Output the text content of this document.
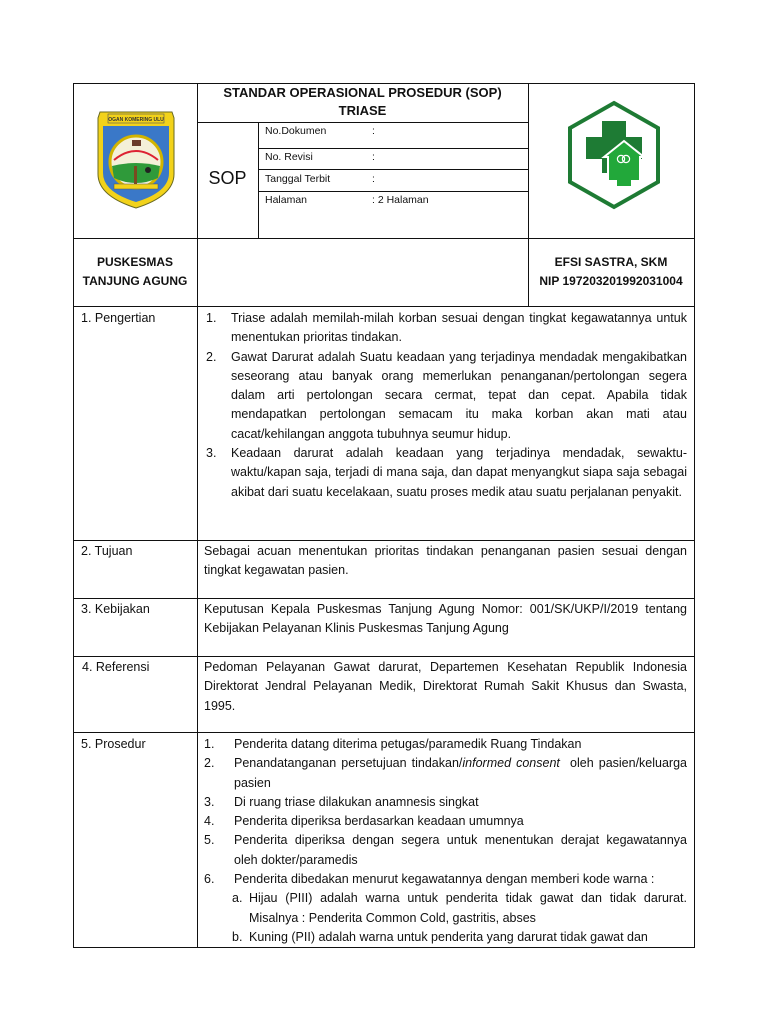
OGAN KOMERING ULU
STANDAR OPERASIONAL PROSEDUR (SOP)
TRIASE
SOP
No.Dokumen	:
No. Revisi	:
Tanggal Terbit	:
Halaman	: 2 Halaman
PUSKESMAS
TANJUNG AGUNG
EFSI SASTRA, SKM
NIP 197203201992031004
1. Pengertian	1. Triase adalah memilah-milah korban sesuai dengan tingkat kegawatannya untuk menentukan prioritas tindakan.
2. Gawat Darurat adalah Suatu keadaan yang terjadinya mendadak mengakibatkan seseorang atau banyak orang memerlukan penanganan/pertolongan segera dalam arti pertolongan secara cermat, tepat dan cepat. Apabila tidak mendapatkan pertolongan semacam itu maka korban akan mati atau cacat/kehilangan anggota tubuhnya seumur hidup.
3. Keadaan darurat adalah keadaan yang terjadinya mendadak, sewaktu-waktu/kapan saja, terjadi di mana saja, dan dapat menyangkut siapa saja sebagai akibat dari suatu kecelakaan, suatu proses medik atau suatu perjalanan penyakit.
2. Tujuan	Sebagai acuan menentukan prioritas tindakan penanganan pasien sesuai dengan tingkat kegawatan pasien.
3. Kebijakan	Keputusan Kepala Puskesmas Tanjung Agung Nomor: 001/SK/UKP/I/2019 tentang Kebijakan Pelayanan Klinis Puskesmas Tanjung Agung
4. Referensi	Pedoman Pelayanan Gawat darurat, Departemen Kesehatan Republik Indonesia Direktorat Jendral Pelayanan Medik, Direktorat Rumah Sakit Khusus dan Swasta, 1995.
5. Prosedur	1. Penderita datang diterima petugas/paramedik Ruang Tindakan
2. Penandatanganan persetujuan tindakan/informed consent  oleh pasien/keluarga pasien
3. Di ruang triase dilakukan anamnesis singkat
4. Penderita diperiksa berdasarkan keadaan umumnya
5. Penderita diperiksa dengan segera untuk menentukan derajat kegawatannya oleh dokter/paramedis
6. Penderita dibedakan menurut kegawatannya dengan memberi kode warna :
a. Hijau (PIII) adalah warna untuk penderita tidak gawat dan tidak darurat. Misalnya : Penderita Common Cold, gastritis, abses
b. Kuning (PII) adalah warna untuk penderita yang darurat tidak gawat dan
